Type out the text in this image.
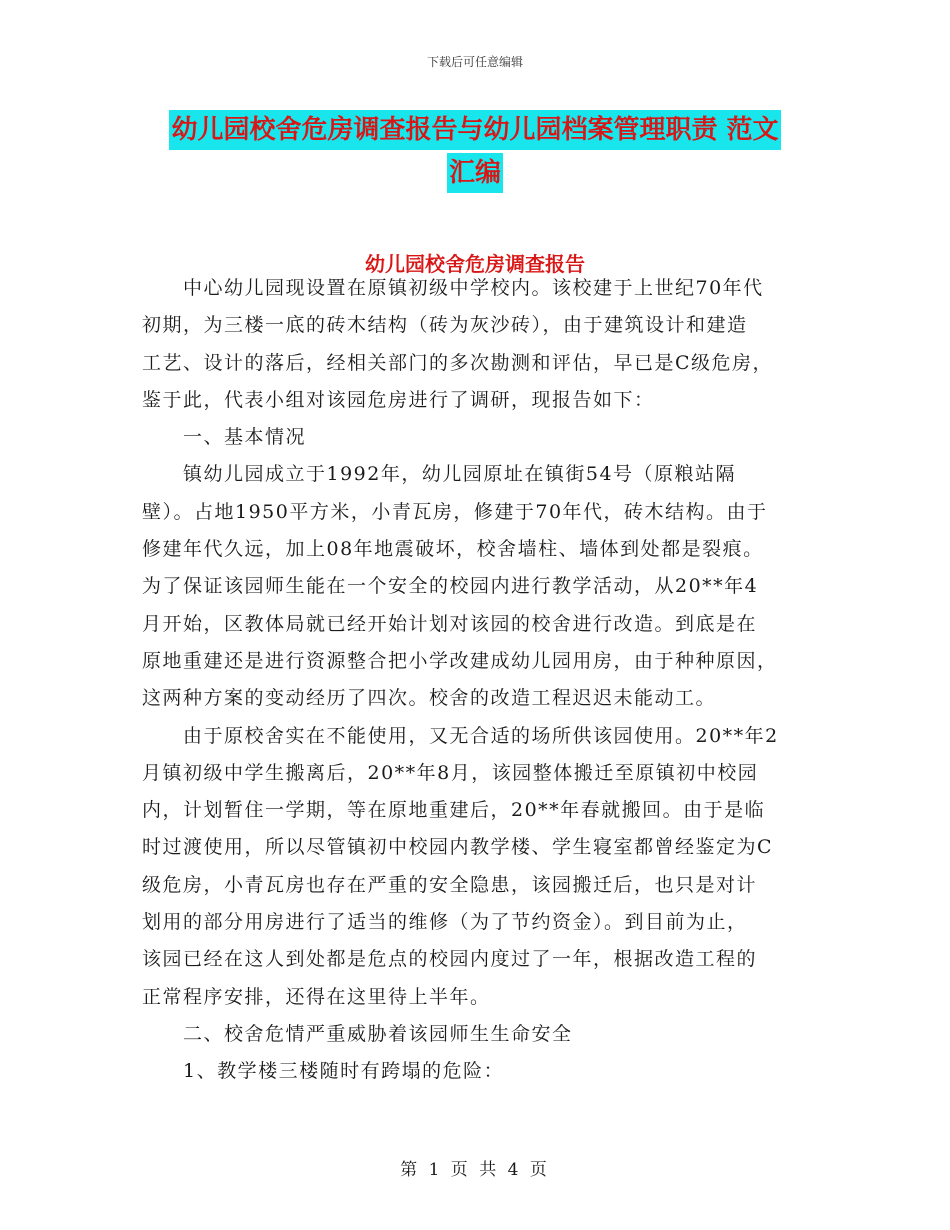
下载后可任意编辑
幼儿园校舍危房调查报告与幼儿园档案管理职责 范文
汇编
幼儿园校舍危房调查报告
　　中心幼儿园现设置在原镇初级中学校内。该校建于上世纪70年代
初期，为三楼一底的砖木结构（砖为灰沙砖），由于建筑设计和建造
工艺、设计的落后，经相关部门的多次勘测和评估，早已是C级危房，
鉴于此，代表小组对该园危房进行了调研，现报告如下：
　　一、基本情况
　　镇幼儿园成立于1992年，幼儿园原址在镇街54号（原粮站隔
壁）。占地1950平方米，小青瓦房，修建于70年代，砖木结构。由于
修建年代久远，加上08年地震破坏，校舍墙柱、墙体到处都是裂痕。
为了保证该园师生能在一个安全的校园内进行教学活动，从20**年4
月开始，区教体局就已经开始计划对该园的校舍进行改造。到底是在
原地重建还是进行资源整合把小学改建成幼儿园用房，由于种种原因，
这两种方案的变动经历了四次。校舍的改造工程迟迟未能动工。
　　由于原校舍实在不能使用，又无合适的场所供该园使用。20**年2
月镇初级中学生搬离后，20**年8月，该园整体搬迁至原镇初中校园
内，计划暂住一学期，等在原地重建后，20**年春就搬回。由于是临
时过渡使用，所以尽管镇初中校园内教学楼、学生寝室都曾经鉴定为C
级危房，小青瓦房也存在严重的安全隐患，该园搬迁后，也只是对计
划用的部分用房进行了适当的维修（为了节约资金）。到目前为止，
该园已经在这人到处都是危点的校园内度过了一年，根据改造工程的
正常程序安排，还得在这里待上半年。
　　二、校舍危情严重威胁着该园师生生命安全
　　1、教学楼三楼随时有跨塌的危险：
第 1 页 共 4 页
